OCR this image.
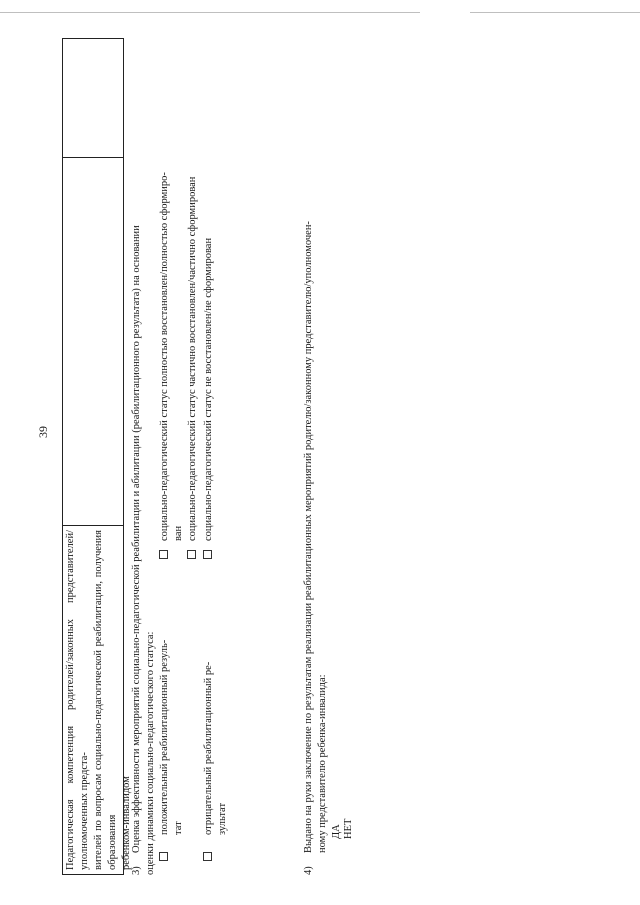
39
Педагогическая компетенция родителей/законных представителей/уполномоченных предста- вителей по вопросам социально-педагогической реабилитации, получения образования ребенком-инвалидом
3)
Оценка эффективности мероприятий социально-педагогической реабилитации и абилитации (реабилитационного результата) на основании оценки динамики социально-педагогического статуса: положительный реабилитационный резуль- тат
социально-педагогический статус полностью восстановлен/полностью сформиро- ван социально-педагогический статус частично восстановлен/частично сформирован
отрицательный реабилитационный ре- зультат
социально-педагогический статус не восстановлен/не сформирован
4)
Выдано на руки заключение по результатам реализации реабилитационных мероприятий родителю/законному представителю/уполномочен- ному представителю ребенка-инвалида: ДА НЕТ
